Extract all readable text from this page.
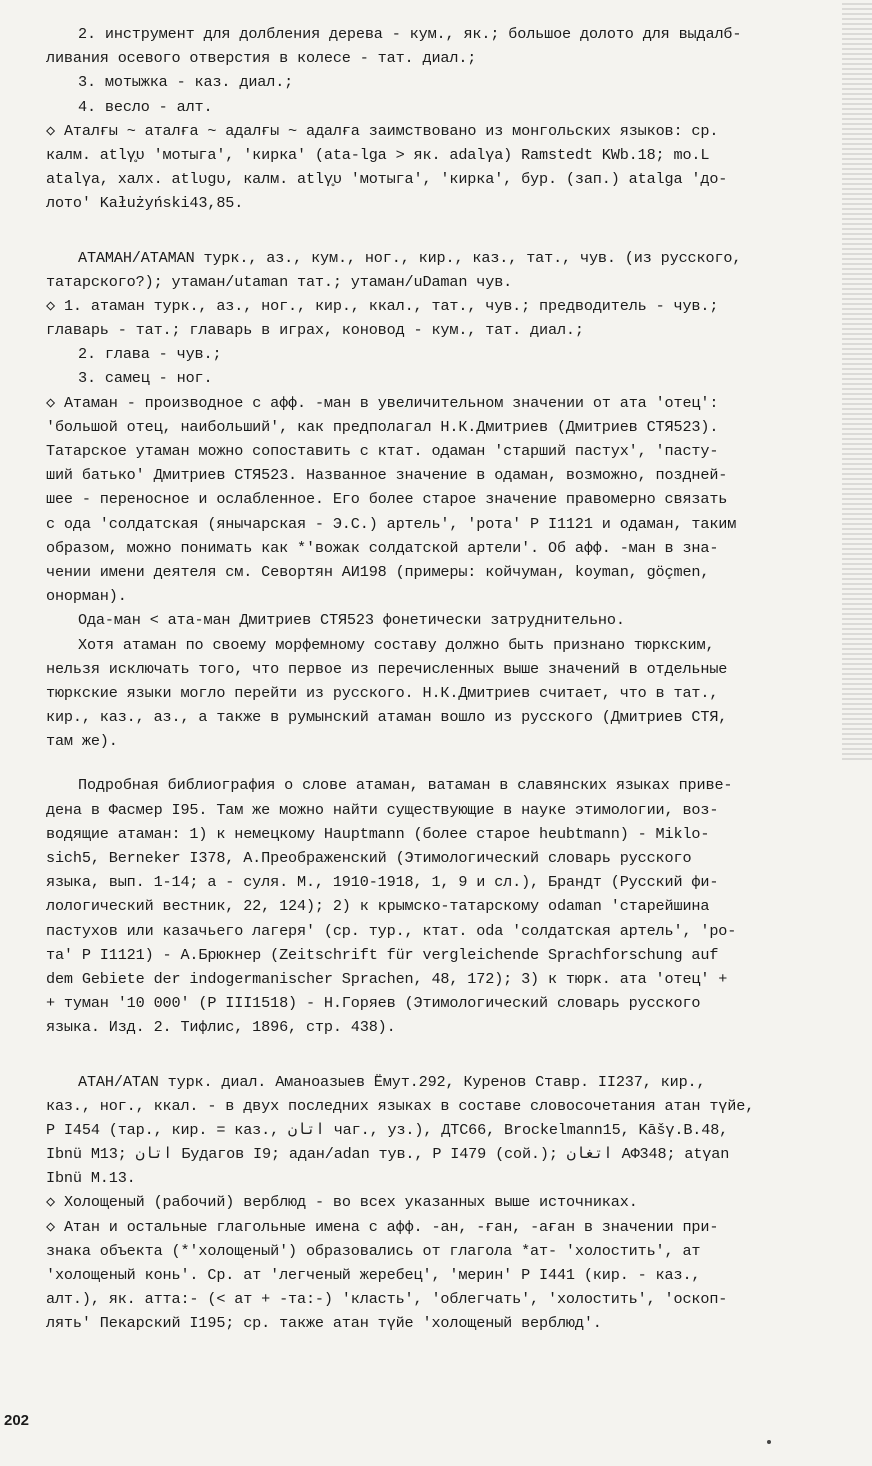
2. инструмент для долбления дерева - кум., як.; большое долото для выдалб-
ливания осевого отверстия в колесе - тат. диал.;
3. мотыжка - каз. диал.;
4. весло - алт.
◇ Аталғы ~ аталға ~ адалғы ~ адалға заимствовано из монгольских языков: ср.
калм. atlγ̥ʋ 'мотыга', 'кирка' (ata-lga > як. adalγa) Ramstedt KWb.18; mo.L
atalγa, халх. atlʋgʋ, калм. atlγ̥ʋ 'мотыга', 'кирка', бур. (зап.) atalga 'до-
лото' Kałużyński43,85.
АТАМАН/ATAMAN турк., аз., кум., ног., кир., каз., тат., чув. (из русского,
татарского?); утаман/utaman тат.; утаман/uDaman чув.
◇ 1. атаман турк., аз., ног., кир., ккал., тат., чув.; предводитель - чув.;
главарь - тат.; главарь в играх, коновод - кум., тат. диал.;
2. глава - чув.;
3. самец - ног.
◇ Атаман - производное с афф. -ман в увеличительном значении от ата 'отец':
'большой отец, наибольший', как предполагал Н.К.Дмитриев (Дмитриев СТЯ523).
Татарское утаман можно сопоставить с ктат. одаман 'старший пастух', 'пасту-
ший батько' Дмитриев СТЯ523. Названное значение в одаман, возможно, поздней-
шее - переносное и ослабленное. Его более старое значение правомерно связать
с ода 'солдатская (янычарская - Э.С.) артель', 'рота' Р I1121 и одаман, таким
образом, можно понимать как *'вожак солдатской артели'. Об афф. -ман в зна-
чении имени деятеля см. Севортян АИ198 (примеры: койчуман, koyman, göçmen,
онорман).
Ода-ман < ата-ман Дмитриев СТЯ523 фонетически затруднительно.
Хотя атаман по своему морфемному составу должно быть признано тюркским,
нельзя исключать того, что первое из перечисленных выше значений в отдельные
тюркские языки могло перейти из русского. Н.К.Дмитриев считает, что в тат.,
кир., каз., аз., а также в румынский атаман вошло из русского (Дмитриев СТЯ,
там же).
Подробная библиография о слове атаман, ватаман в славянских языках приве-
дена в Фасмер I95. Там же можно найти существующие в науке этимологии, воз-
водящие атаман: 1) к немецкому Hauptmann (более старое heubtmann) - Miklo-
sich5, Berneker I378, А.Преображенский (Этимологический словарь русского
языка, вып. 1-14; а - суля. М., 1910-1918, 1, 9 и сл.), Брандт (Русский фи-
лологический вестник, 22, 124); 2) к крымско-татарскому odaman 'старейшина
пастухов или казачьего лагеря' (ср. тур., ктат. oda 'солдатская артель', 'ро-
та' Р I1121) - А.Брюкнер (Zeitschrift für vergleichende Sprachforschung auf
dem Gebiete der indogermanischer Sprachen, 48, 172); 3) к тюрк. ата 'отец' +
+ туман '10 000' (Р III1518) - Н.Горяев (Этимологический словарь русского
языка. Изд. 2. Тифлис, 1896, стр. 438).
АТАН/ATAN турк. диал. Аманоазыев Ёмут.292, Куренов Ставр. II237, кир.,
каз., ног., ккал. - в двух последних языках в составе словосочетания атан түйе,
Р I454 (тар., кир. = каз., اتان чаг., уз.), ДТС66, Brockelmann15, Kāšγ.B.48,
Ibnü M13; اتان Будагов I9; адан/adan тув., Р I479 (сой.); اتغان АФ348; atγan
Ibnü M.13.
◇ Холощеный (рабочий) верблюд - во всех указанных выше источниках.
◇ Атан и остальные глагольные имена с афф. -ан, -ған, -аған в значении при-
знака объекта (*'холощеный') образовались от глагола *ат- 'холостить', ат
'холощеный конь'. Ср. ат 'легченый жеребец', 'мерин' Р I441 (кир. - каз.,
алт.), як. атта:- (< ат + -та:-) 'класть', 'облегчать', 'холостить', 'оскоп-
лять' Пекарский I195; ср. также атан түйе 'холощеный верблюд'.
202
